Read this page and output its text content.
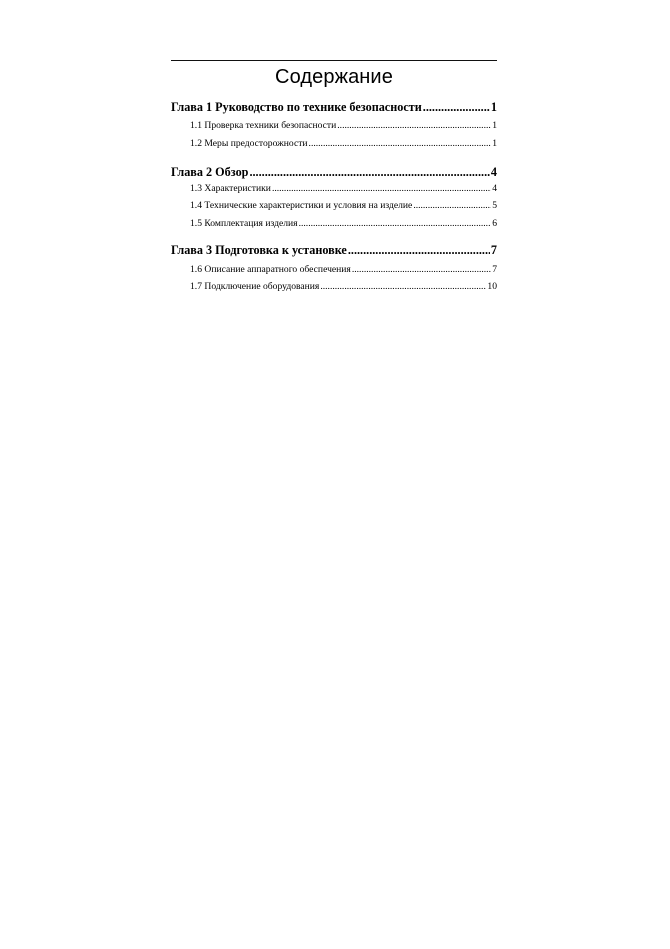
Содержание
Глава 1 Руководство по технике безопасности .....	1
1.1 Проверка техники безопасности .....	1
1.2 Меры предосторожности .....	1
Глава 2 Обзор .....	4
1.3 Характеристики .....	4
1.4 Технические характеристики и условия на изделие .....	5
1.5 Комплектация изделия .....	6
Глава 3 Подготовка к установке .....	7
1.6 Описание аппаратного обеспечения .....	7
1.7 Подключение оборудования .....	10
